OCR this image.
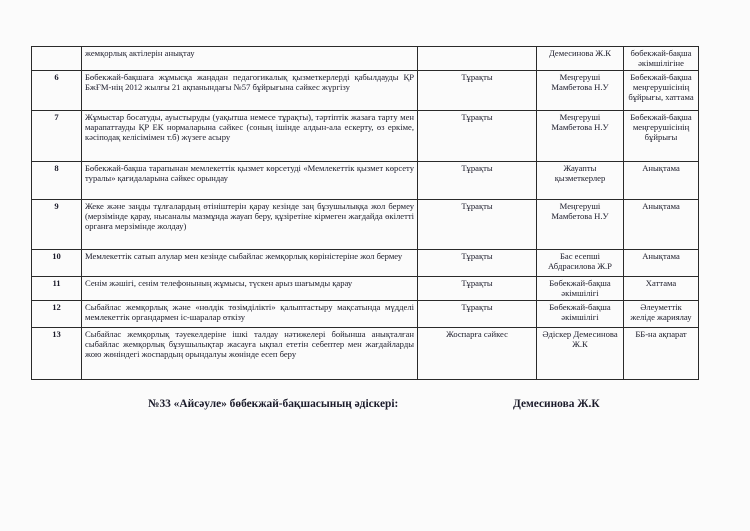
	жемқорлық актілерін анықтау		Демесинова Ж.К	бөбекжай-бақша әкімшілігіне
6	Бөбекжай-бақшаға жұмысқа жаңадан педагогикалық қызметкерлерді қабылдауды ҚР БжҒМ-нің 2012 жылғы 21 ақпанындағы №57 бұйрығына сәйкес жүргізу	Тұрақты	Меңгеруші Мамбетова Н.У	Бөбекжай-бақша меңгерушісінің бұйрығы, хаттама
7	Жұмыстар босатуды, ауыстыруды (уақытша немесе тұрақты), тәртіптік жазаға тарту мен марапаттауды ҚР ЕК нормаларына сәйкес (соның ішінде алдын-ала ескерту, өз еркіме, кәсіподақ келісімімен т.б) жүзеге асыру	Тұрақты	Меңгеруші Мамбетова Н.У	Бөбекжай-бақша меңгерушісінің бұйрығы
8	Бөбекжай-бақша тарапынан мемлекеттік қызмет көрсетуді «Мемлекеттік қызмет көрсету туралы» қағидаларына сәйкес орындау	Тұрақты	Жауапты қызметкерлер	Анықтама
9	Жеке және заңды тұлғалардың өтініштерін қарау кезінде заң бұзушылыққа жол бермеу (мерзімінде қарау, нысаналы мазмұнда жауап беру, құзіретіне кірмеген жағдайда өкілетті органға мерзімінде жолдау)	Тұрақты	Меңгеруші Мамбетова Н.У	Анықтама
10	Мемлекеттік сатып алулар мен кезінде сыбайлас жемқорлық көріністеріне жол бермеу	Тұрақты	Бас есепші Абдрасилова Ж.Р	Анықтама
11	Сенім жәшігі, сенім телефонының жұмысы, түскен арыз шағымды қарау	Тұрақты	Бөбекжай-бақша әкімшілігі	Хаттама
12	Сыбайлас жемқорлық және «нөлдік төзімділікті» қалыптастыру мақсатында мүдделі мемлекеттік органдармен іс-шаралар өткізу	Тұрақты	Бөбекжай-бақша әкімшілігі	Әлеуметтік желіде жариялау
13	Сыбайлас жемқорлық тәуекелдеріне ішкі талдау нәтижелері бойынша анықталған сыбайлас жемқорлық бұзушылықтар жасауға ықпал ететін себептер мен жағдайларды жою жөніндегі жоспардың орындалуы жөнінде есеп беру	Жоспарға сәйкес	Әдіскер Демесинова Ж.К	ББ-на ақпарат
№33 «Айсәуле» бөбекжай-бақшасының әдіскері:	Демесинова Ж.К
